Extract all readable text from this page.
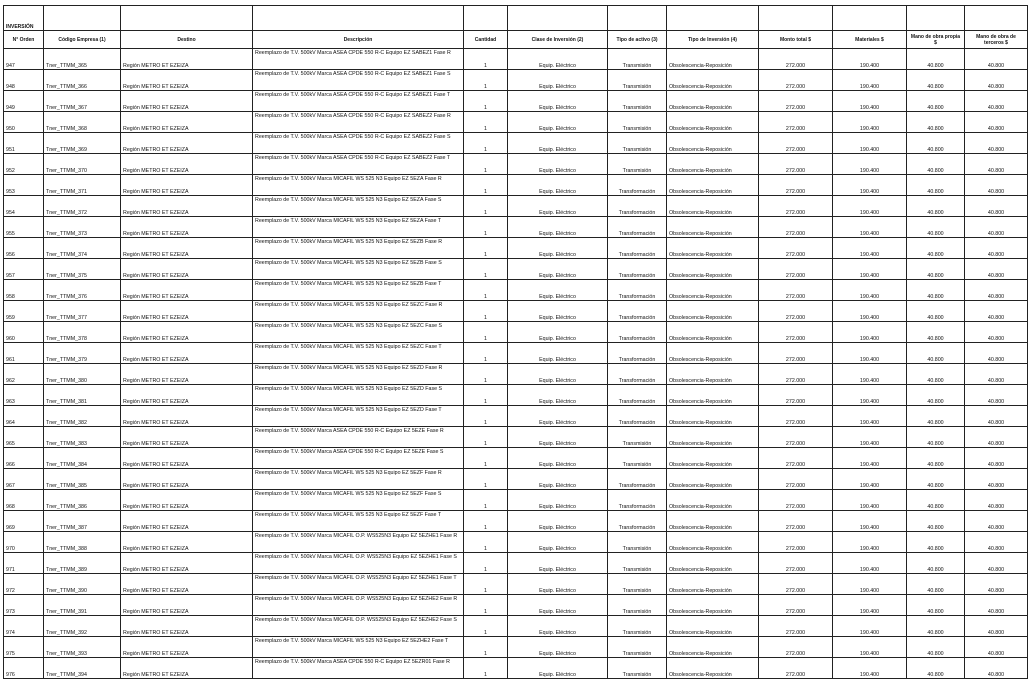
INVERSIÓN											
N° Orden	Código Empresa (1)	Destino	Descripción	Cantidad	Clase de Inversión (2)	Tipo de activo (3)	Tipo de Inversión (4)	Monto total $	Materiales $	Mano de obra propia $	Mano de obra de terceros $
947	Tner_TTMM_365	Región METRO ET EZEIZA	Reemplazo de T.V. 500kV Marca ASEA CPDE 550 R-C Equipo EZ SABEZ1 Fase R	1	Equip. Eléctrico	Transmisión	Obsolescencia-Reposición	272.000	190.400	40.800	40.800
948	Tner_TTMM_366	Región METRO ET EZEIZA	Reemplazo de T.V. 500kV Marca ASEA CPDE 550 R-C Equipo EZ SABEZ1 Fase S	1	Equip. Eléctrico	Transmisión	Obsolescencia-Reposición	272.000	190.400	40.800	40.800
949	Tner_TTMM_367	Región METRO ET EZEIZA	Reemplazo de T.V. 500kV Marca ASEA CPDE 550 R-C Equipo EZ SABEZ1 Fase T	1	Equip. Eléctrico	Transmisión	Obsolescencia-Reposición	272.000	190.400	40.800	40.800
950	Tner_TTMM_368	Región METRO ET EZEIZA	Reemplazo de T.V. 500kV Marca ASEA CPDE 550 R-C Equipo EZ SABEZ2 Fase R	1	Equip. Eléctrico	Transmisión	Obsolescencia-Reposición	272.000	190.400	40.800	40.800
951	Tner_TTMM_369	Región METRO ET EZEIZA	Reemplazo de T.V. 500kV Marca ASEA CPDE 550 R-C Equipo EZ SABEZ2 Fase S	1	Equip. Eléctrico	Transmisión	Obsolescencia-Reposición	272.000	190.400	40.800	40.800
952	Tner_TTMM_370	Región METRO ET EZEIZA	Reemplazo de T.V. 500kV Marca ASEA CPDE 550 R-C Equipo EZ SABEZ2 Fase T	1	Equip. Eléctrico	Transmisión	Obsolescencia-Reposición	272.000	190.400	40.800	40.800
953	Tner_TTMM_371	Región METRO ET EZEIZA	Reemplazo de T.V. 500kV Marca MICAFIL WS 525 N3 Equipo EZ 5EZA Fase R	1	Equip. Eléctrico	Transformación	Obsolescencia-Reposición	272.000	190.400	40.800	40.800
954	Tner_TTMM_372	Región METRO ET EZEIZA	Reemplazo de T.V. 500kV Marca MICAFIL WS 525 N3 Equipo EZ 5EZA Fase S	1	Equip. Eléctrico	Transformación	Obsolescencia-Reposición	272.000	190.400	40.800	40.800
955	Tner_TTMM_373	Región METRO ET EZEIZA	Reemplazo de T.V. 500kV Marca MICAFIL WS 525 N3 Equipo EZ 5EZA Fase T	1	Equip. Eléctrico	Transformación	Obsolescencia-Reposición	272.000	190.400	40.800	40.800
956	Tner_TTMM_374	Región METRO ET EZEIZA	Reemplazo de T.V. 500kV Marca MICAFIL WS 525 N3 Equipo EZ 5EZB Fase R	1	Equip. Eléctrico	Transformación	Obsolescencia-Reposición	272.000	190.400	40.800	40.800
957	Tner_TTMM_375	Región METRO ET EZEIZA	Reemplazo de T.V. 500kV Marca MICAFIL WS 525 N3 Equipo EZ 5EZB Fase S	1	Equip. Eléctrico	Transformación	Obsolescencia-Reposición	272.000	190.400	40.800	40.800
958	Tner_TTMM_376	Región METRO ET EZEIZA	Reemplazo de T.V. 500kV Marca MICAFIL WS 525 N3 Equipo EZ 5EZB Fase T	1	Equip. Eléctrico	Transformación	Obsolescencia-Reposición	272.000	190.400	40.800	40.800
959	Tner_TTMM_377	Región METRO ET EZEIZA	Reemplazo de T.V. 500kV Marca MICAFIL WS 525 N3 Equipo EZ 5EZC Fase R	1	Equip. Eléctrico	Transformación	Obsolescencia-Reposición	272.000	190.400	40.800	40.800
960	Tner_TTMM_378	Región METRO ET EZEIZA	Reemplazo de T.V. 500kV Marca MICAFIL WS 525 N3 Equipo EZ 5EZC Fase S	1	Equip. Eléctrico	Transformación	Obsolescencia-Reposición	272.000	190.400	40.800	40.800
961	Tner_TTMM_379	Región METRO ET EZEIZA	Reemplazo de T.V. 500kV Marca MICAFIL WS 525 N3 Equipo EZ 5EZC Fase T	1	Equip. Eléctrico	Transformación	Obsolescencia-Reposición	272.000	190.400	40.800	40.800
962	Tner_TTMM_380	Región METRO ET EZEIZA	Reemplazo de T.V. 500kV Marca MICAFIL WS 525 N3 Equipo EZ 5EZD Fase R	1	Equip. Eléctrico	Transformación	Obsolescencia-Reposición	272.000	190.400	40.800	40.800
963	Tner_TTMM_381	Región METRO ET EZEIZA	Reemplazo de T.V. 500kV Marca MICAFIL WS 525 N3 Equipo EZ 5EZD Fase S	1	Equip. Eléctrico	Transformación	Obsolescencia-Reposición	272.000	190.400	40.800	40.800
964	Tner_TTMM_382	Región METRO ET EZEIZA	Reemplazo de T.V. 500kV Marca MICAFIL WS 525 N3 Equipo EZ 5EZD Fase T	1	Equip. Eléctrico	Transformación	Obsolescencia-Reposición	272.000	190.400	40.800	40.800
965	Tner_TTMM_383	Región METRO ET EZEIZA	Reemplazo de T.V. 500kV Marca ASEA CPDE 550 R-C Equipo EZ 5EZE Fase R	1	Equip. Eléctrico	Transmisión	Obsolescencia-Reposición	272.000	190.400	40.800	40.800
966	Tner_TTMM_384	Región METRO ET EZEIZA	Reemplazo de T.V. 500kV Marca ASEA CPDE 550 R-C Equipo EZ 5EZE Fase S	1	Equip. Eléctrico	Transmisión	Obsolescencia-Reposición	272.000	190.400	40.800	40.800
967	Tner_TTMM_385	Región METRO ET EZEIZA	Reemplazo de T.V. 500kV Marca MICAFIL WS 525 N3 Equipo EZ 5EZF Fase R	1	Equip. Eléctrico	Transformación	Obsolescencia-Reposición	272.000	190.400	40.800	40.800
968	Tner_TTMM_386	Región METRO ET EZEIZA	Reemplazo de T.V. 500kV Marca MICAFIL WS 525 N3 Equipo EZ 5EZF Fase S	1	Equip. Eléctrico	Transformación	Obsolescencia-Reposición	272.000	190.400	40.800	40.800
969	Tner_TTMM_387	Región METRO ET EZEIZA	Reemplazo de T.V. 500kV Marca MICAFIL WS 525 N3 Equipo EZ 5EZF Fase T	1	Equip. Eléctrico	Transformación	Obsolescencia-Reposición	272.000	190.400	40.800	40.800
970	Tner_TTMM_388	Región METRO ET EZEIZA	Reemplazo de T.V. 500kV Marca MICAFIL O.P. WS525N3 Equipo EZ 5EZHE1 Fase R	1	Equip. Eléctrico	Transmisión	Obsolescencia-Reposición	272.000	190.400	40.800	40.800
971	Tner_TTMM_389	Región METRO ET EZEIZA	Reemplazo de T.V. 500kV Marca MICAFIL O.P. WS525N3 Equipo EZ 5EZHE1 Fase S	1	Equip. Eléctrico	Transmisión	Obsolescencia-Reposición	272.000	190.400	40.800	40.800
972	Tner_TTMM_390	Región METRO ET EZEIZA	Reemplazo de T.V. 500kV Marca MICAFIL O.P. WS525N3 Equipo EZ 5EZHE1 Fase T	1	Equip. Eléctrico	Transmisión	Obsolescencia-Reposición	272.000	190.400	40.800	40.800
973	Tner_TTMM_391	Región METRO ET EZEIZA	Reemplazo de T.V. 500kV Marca MICAFIL O.P. WS525N3 Equipo EZ 5EZHE2 Fase R	1	Equip. Eléctrico	Transmisión	Obsolescencia-Reposición	272.000	190.400	40.800	40.800
974	Tner_TTMM_392	Región METRO ET EZEIZA	Reemplazo de T.V. 500kV Marca MICAFIL O.P. WS525N3 Equipo EZ 5EZHE2 Fase S	1	Equip. Eléctrico	Transmisión	Obsolescencia-Reposición	272.000	190.400	40.800	40.800
975	Tner_TTMM_393	Región METRO ET EZEIZA	Reemplazo de T.V. 500kV Marca MICAFIL WS 525 N3 Equipo EZ 5EZHE2 Fase T	1	Equip. Eléctrico	Transmisión	Obsolescencia-Reposición	272.000	190.400	40.800	40.800
976	Tner_TTMM_394	Región METRO ET EZEIZA	Reemplazo de T.V. 500kV Marca ASEA CPDE 550 R-C Equipo EZ 5EZR01 Fase R	1	Equip. Eléctrico	Transmisión	Obsolescencia-Reposición	272.000	190.400	40.800	40.800
